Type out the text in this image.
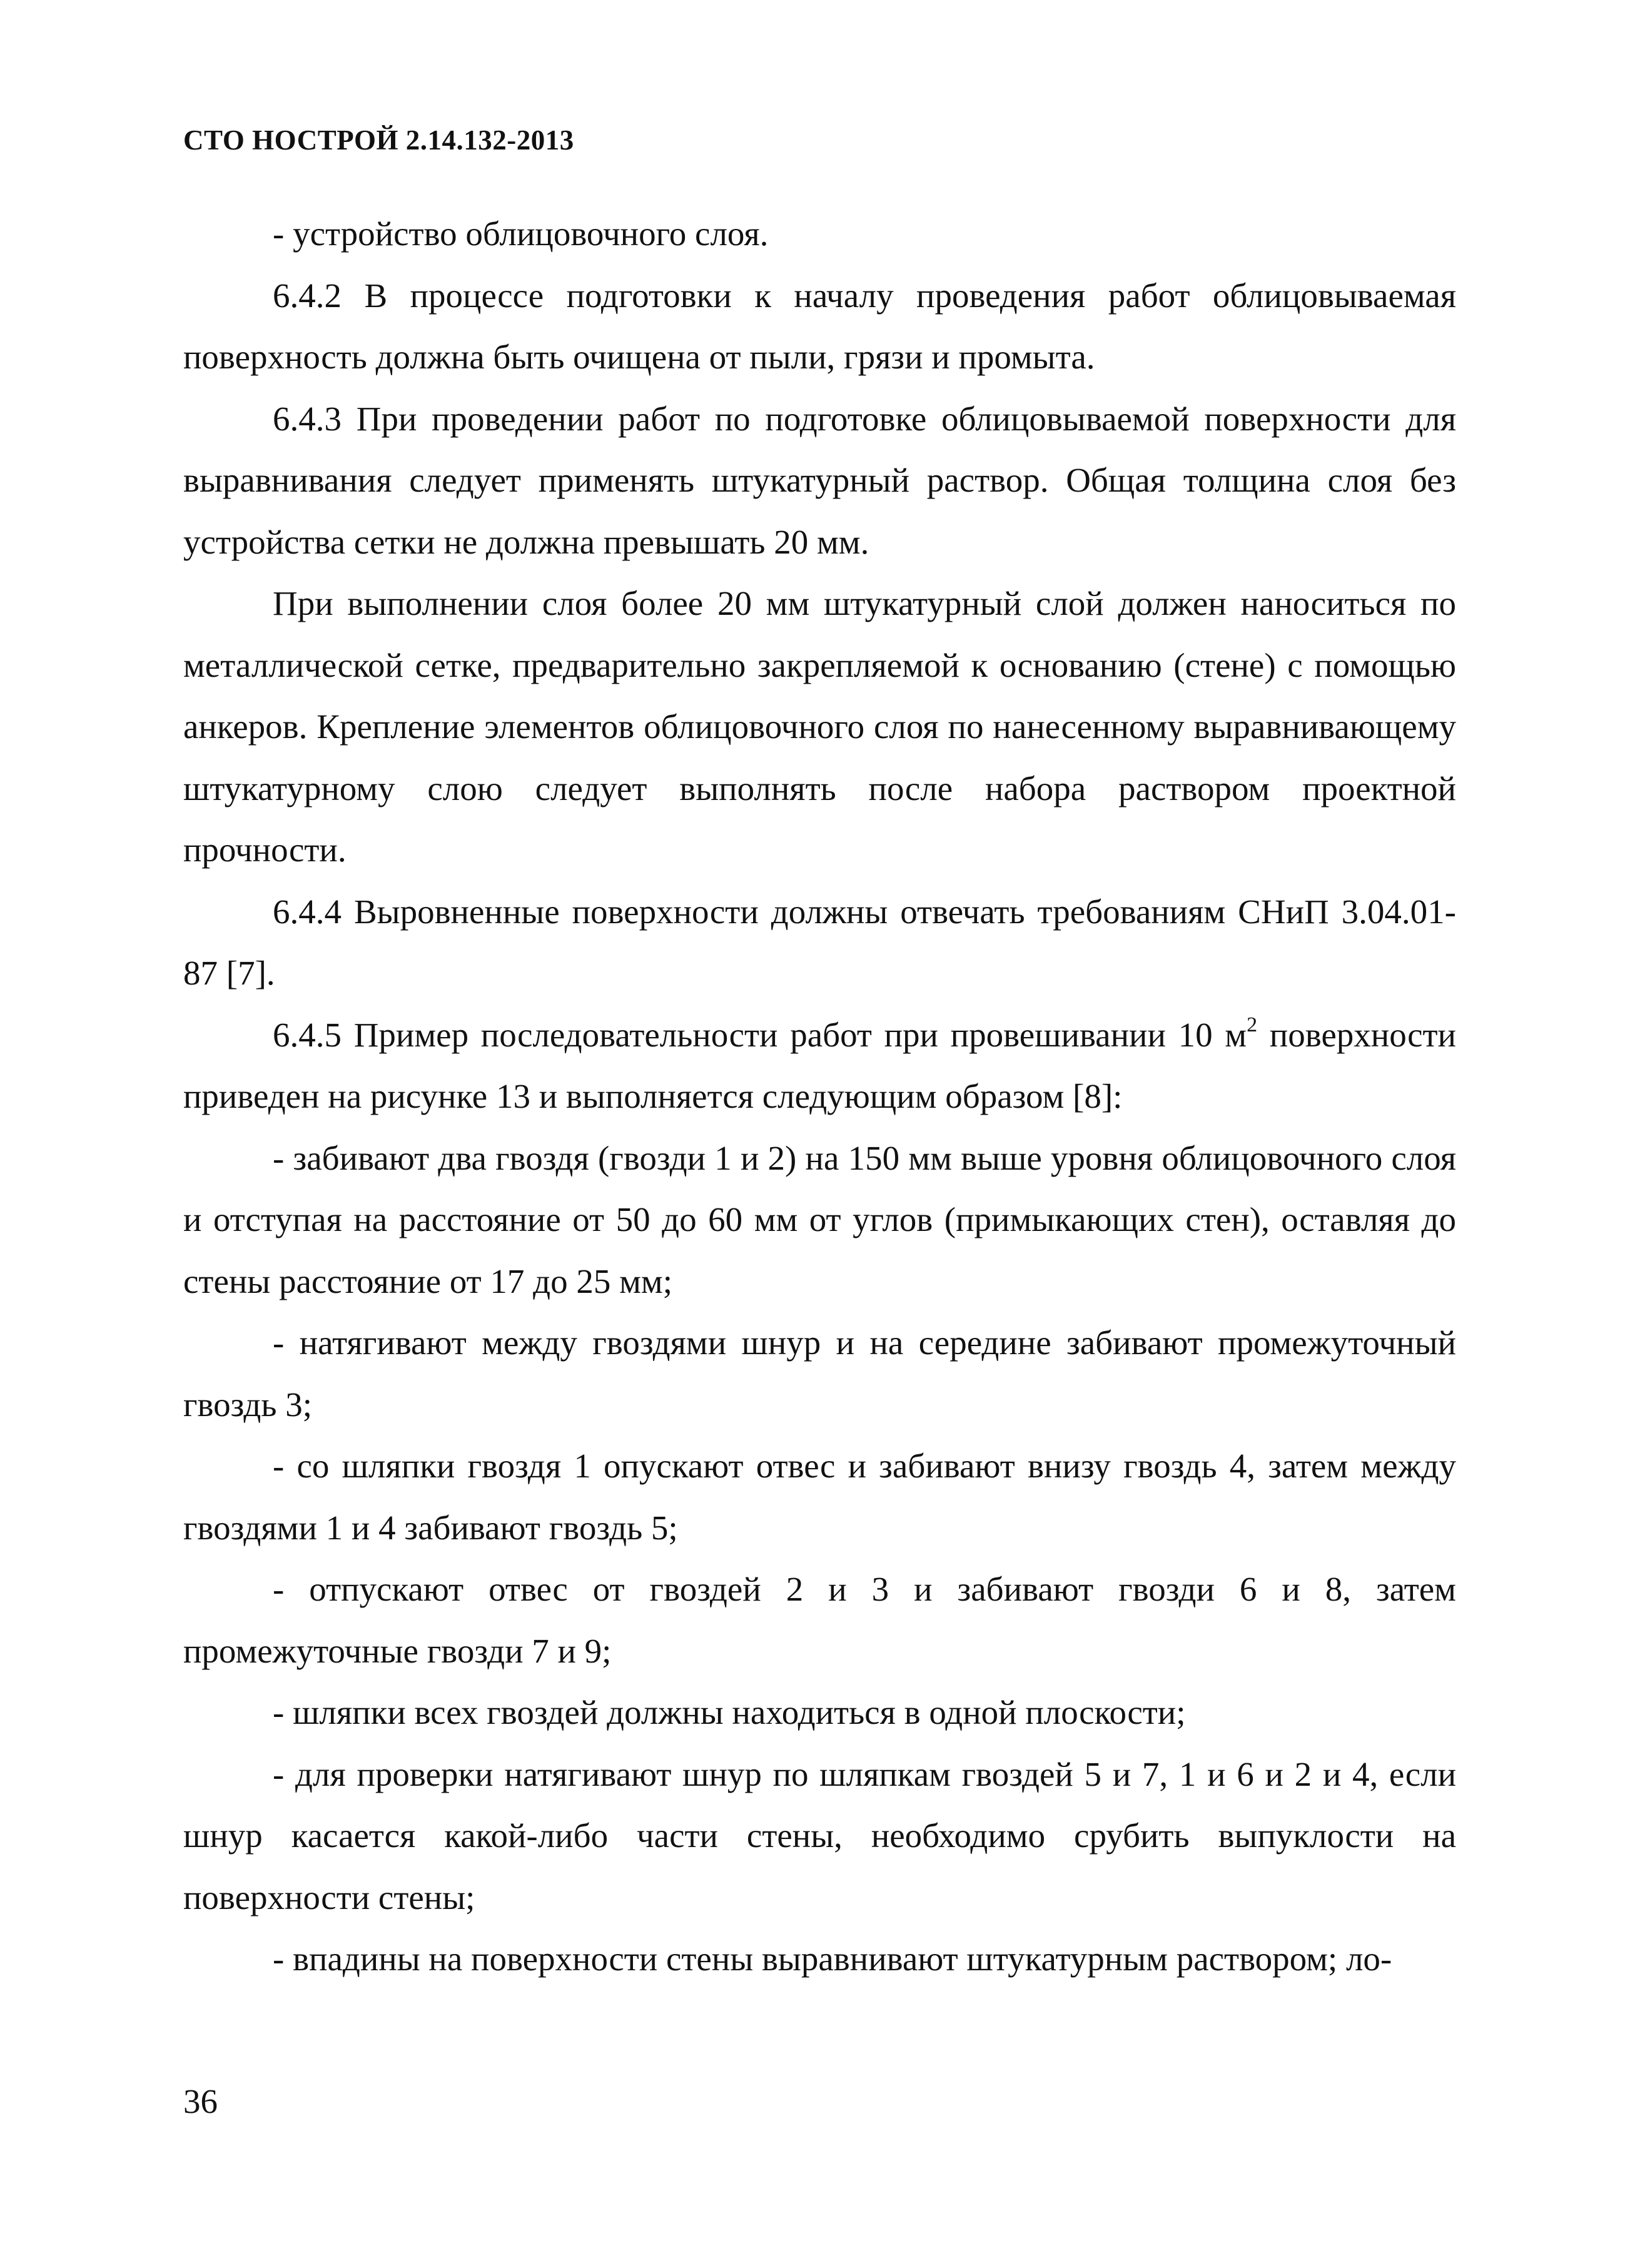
СТО НОСТРОЙ 2.14.132-2013

- устройство облицовочного слоя.

6.4.2 В процессе подготовки к началу проведения работ облицовываемая поверхность должна быть очищена от пыли, грязи и промыта.

6.4.3 При проведении работ по подготовке облицовываемой поверхности для выравнивания следует применять штукатурный раствор. Общая толщина слоя без устройства сетки не должна превышать 20 мм.

При выполнении слоя более 20 мм штукатурный слой должен наноситься по металлической сетке, предварительно закрепляемой к основанию (стене) с помощью анкеров. Крепление элементов облицовочного слоя по нанесенному выравнивающему штукатурному слою следует выполнять после набора раствором проектной прочности.

6.4.4 Выровненные поверхности должны отвечать требованиям СНиП 3.04.01-87 [7].

6.4.5 Пример последовательности работ при провешивании 10 $м^2$ поверхности приведен на рисунке 13 и выполняется следующим образом [8]:

- забивают два гвоздя (гвозди 1 и 2) на 150 мм выше уровня облицовочного слоя и отступая на расстояние от 50 до 60 мм от углов (примыкающих стен), оставляя до стены расстояние от 17 до 25 мм;

- натягивают между гвоздями шнур и на середине забивают промежуточный гвоздь 3;

- со шляпки гвоздя 1 опускают отвес и забивают внизу гвоздь 4, затем между гвоздями 1 и 4 забивают гвоздь 5;

- отпускают отвес от гвоздей 2 и 3 и забивают гвозди 6 и 8, затем промежуточные гвозди 7 и 9;

- шляпки всех гвоздей должны находиться в одной плоскости;

- для проверки натягивают шнур по шляпкам гвоздей 5 и 7, 1 и 6 и 2 и 4, если шнур касается какой-либо части стены, необходимо срубить выпуклости на поверхности стены;

- впадины на поверхности стены выравнивают штукатурным раствором; ло-

36
